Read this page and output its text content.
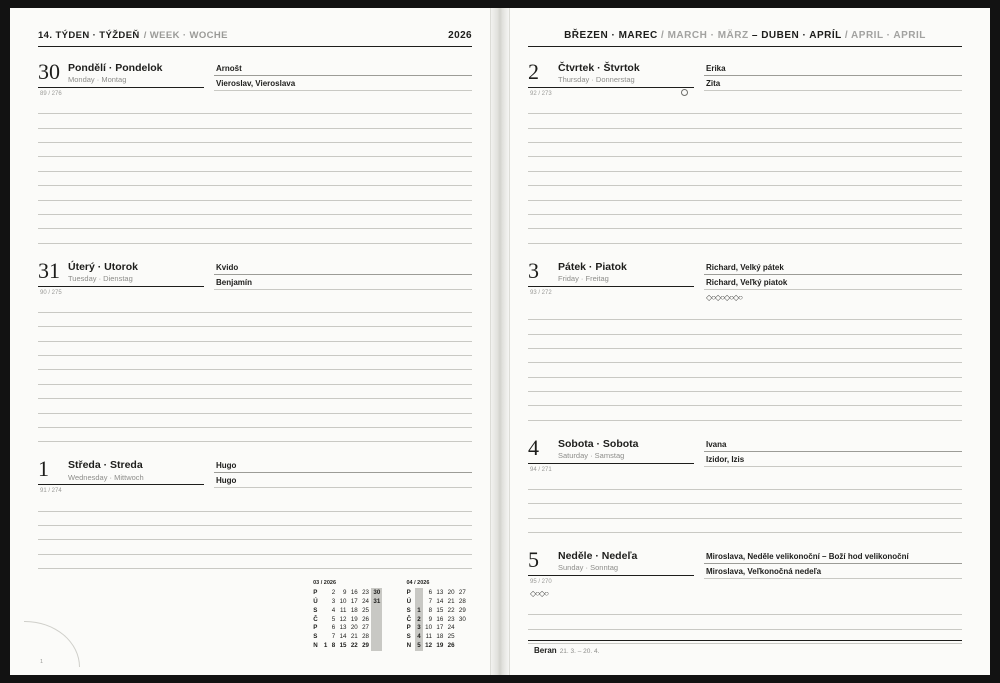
14. TÝDEN · TÝŽDEŇ / WEEK · WOCHE	2026
30 Pondělí · Pondelok
Monday · Montag
89 / 276
Arnošt
Vieroslav, Vieroslava
31 Úterý · Utorok
Tuesday · Dienstag
90 / 275
Kvido
Benjamín
1	Středa · Streda
Wednesday · Mittwoch
91 / 274
Hugo
Hugo
03 / 2026
P		2	9	16	23	30
Ú		3	10	17	24	31
S		4	11	18	25	
Č		5	12	19	26	
P		6	13	20	27	
S		7	14	21	28	
N	1	8	15	22	29	
04 / 2026
P		6	13	20	27
Ú		7	14	21	28
S	1	8	15	22	29
Č	2	9	16	23	30
P	3	10	17	24	
S	4	11	18	25	
N	5	12	19	26	
1
BŘEZEN · MAREC / MARCH · MÄRZ – DUBEN · APRÍL / APRIL · APRIL
2	Čtvrtek · Štvrtok
Thursday · Donnerstag
92 / 273
Erika
Zita
3	Pátek · Piatok
Friday · Freitag
93 / 272
Richard, Velký pátek
Richard, Veľký piatok
◇○◇○◇○◇○
4	Sobota · Sobota
Saturday · Samstag
94 / 271
Ivana
Izidor, Izis
5	Neděle · Nedeľa
Sunday · Sonntag
95 / 270
◇○◇○
Miroslava, Neděle velikonoční – Boží hod velikonoční
Miroslava, Veľkonočná nedeľa
Beran 21. 3. – 20. 4.
